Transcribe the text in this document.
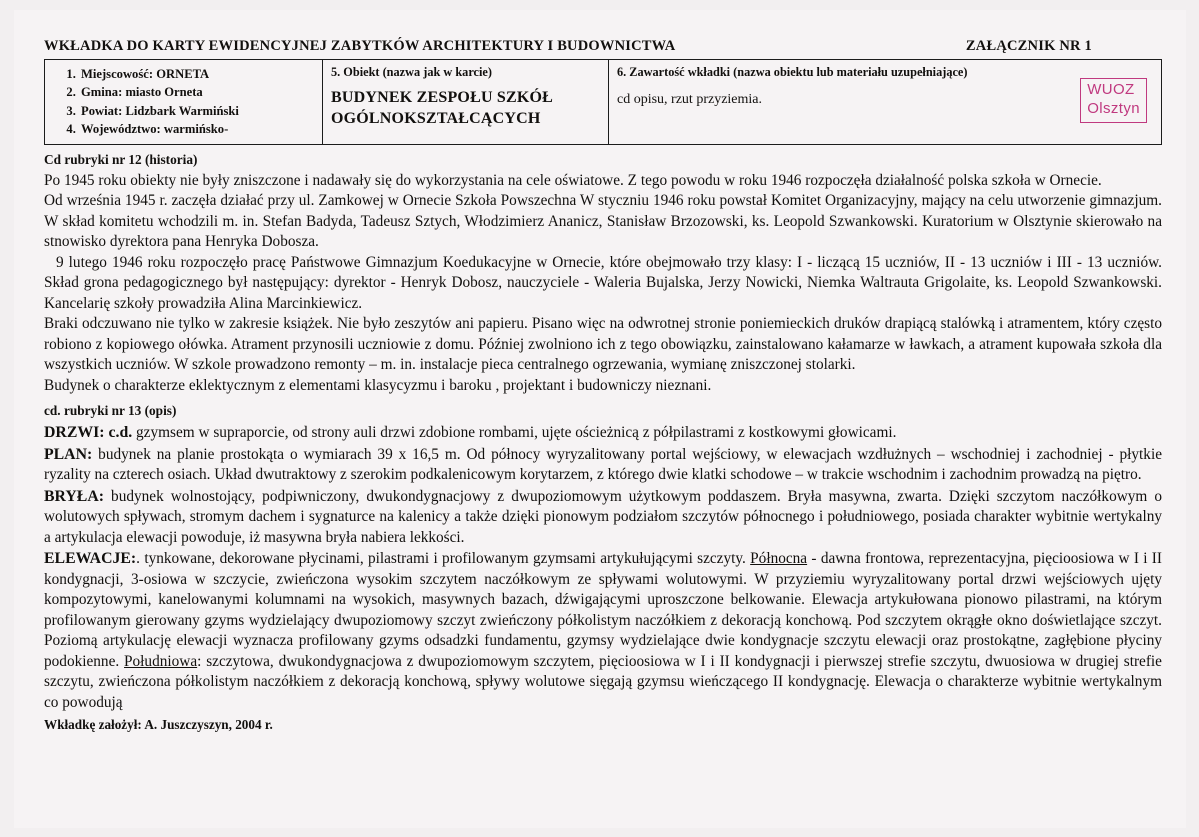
WKŁADKA DO KARTY EWIDENCYJNEJ ZABYTKÓW ARCHITEKTURY I BUDOWNICTWA	ZAŁĄCZNIK NR 1
1. Miejscowość: ORNETA
2. Gmina: miasto Orneta
3. Powiat: Lidzbark Warmiński
4. Województwo: warmińsko-
5. Obiekt (nazwa jak w karcie)
BUDYNEK ZESPOŁU SZKÓŁ
OGÓLNOKSZTAŁCĄCYCH
6. Zawartość wkładki (nazwa obiektu lub materiału uzupełniające)
cd opisu, rzut przyziemia.
WUOZ
Olsztyn
Cd rubryki nr 12 (historia)

Po 1945 roku obiekty nie były zniszczone i nadawały się do wykorzystania na cele oświatowe. Z tego powodu w roku 1946 rozpoczęła działalność polska szkoła w Ornecie.

Od września 1945 r. zaczęła działać przy ul. Zamkowej w Ornecie Szkoła Powszechna W styczniu 1946 roku powstał Komitet Organizacyjny, mający na celu utworzenie gimnazjum. W skład komitetu wchodzili m. in. Stefan Badyda, Tadeusz Sztych, Włodzimierz Ananicz, Stanisław Brzozowski, ks. Leopold Szwankowski. Kuratorium w Olsztynie skierowało na stnowisko dyrektora pana Henryka Dobosza.

9 lutego 1946 roku rozpoczęło pracę Państwowe Gimnazjum Koedukacyjne w Ornecie, które obejmowało trzy klasy: I - liczącą 15 uczniów, II - 13 uczniów i III - 13 uczniów. Skład grona pedagogicznego był następujący: dyrektor - Henryk Dobosz, nauczyciele - Waleria Bujalska, Jerzy Nowicki, Niemka Waltrauta Grigolaite, ks. Leopold Szwankowski. Kancelarię szkoły prowadziła Alina Marcinkiewicz.

Braki odczuwano nie tylko w zakresie książek. Nie było zeszytów ani papieru. Pisano więc na odwrotnej stronie poniemieckich druków drapiącą stalówką i atramentem, który często robiono z kopiowego ołówka. Atrament przynosili uczniowie z domu. Później zwolniono ich z tego obowiązku, zainstalowano kałamarze w ławkach, a atrament kupowała szkoła dla wszystkich uczniów. W szkole prowadzono remonty – m. in. instalacje pieca centralnego ogrzewania, wymianę zniszczonej stolarki.

Budynek o charakterze eklektycznym z elementami klasycyzmu i baroku , projektant i budowniczy nieznani.

cd. rubryki nr 13 (opis)

DRZWI: c.d. gzymsem w supraporcie, od strony auli drzwi zdobione rombami, ujęte ościeżnicą z półpilastrami z kostkowymi głowicami.

PLAN: budynek na planie prostokąta o wymiarach 39 x 16,5 m. Od północy wyryzalitowany portal wejściowy, w elewacjach wzdłużnych – wschodniej i zachodniej - płytkie ryzality na czterech osiach. Układ dwutraktowy z szerokim podkalenicowym korytarzem, z którego dwie klatki schodowe – w trakcie wschodnim i zachodnim prowadzą na piętro.

BRYŁA: budynek wolnostojący, podpiwniczony, dwukondygnacjowy z dwupoziomowym użytkowym poddaszem. Bryła masywna, zwarta. Dzięki szczytom naczółkowym o wolutowych spływach, stromym dachem i sygnaturce na kalenicy a także dzięki pionowym podziałom szczytów północnego i południowego, posiada charakter wybitnie wertykalny a artykulacja elewacji powoduje, iż masywna bryła nabiera lekkości.

ELEWACJE:. tynkowane, dekorowane płycinami, pilastrami i profilowanym gzymsami artykułującymi szczyty. Północna - dawna frontowa, reprezentacyjna, pięcioosiowa w I i II kondygnacji, 3-osiowa w szczycie, zwieńczona wysokim szczytem naczółkowym ze spływami wolutowymi. W przyziemiu wyryzalitowany portal drzwi wejściowych ujęty kompozytowymi, kanelowanymi kolumnami na wysokich, masywnych bazach, dźwigającymi uproszczone belkowanie. Elewacja artykułowana pionowo pilastrami, na którym profilowanym gierowany gzyms wydzielający dwupoziomowy szczyt zwieńczony półkolistym naczółkiem z dekoracją konchową. Pod szczytem okrągłe okno doświetlające szczyt. Poziomą artykulację elewacji wyznacza profilowany gzyms odsadzki fundamentu, gzymsy wydzielające dwie kondygnacje szczytu elewacji oraz prostokątne, zagłębione płyciny podokienne. Południowa: szczytowa, dwukondygnacjowa z dwupoziomowym szczytem, pięcioosiowa w I i II kondygnacji i pierwszej strefie szczytu, dwuosiowa w drugiej strefie szczytu, zwieńczona półkolistym naczółkiem z dekoracją konchową, spływy wolutowe sięgają gzymsu wieńczącego II kondygnację. Elewacja o charakterze wybitnie wertykalnym co powodują

Wkładkę założył: A. Juszczyszyn, 2004 r.
